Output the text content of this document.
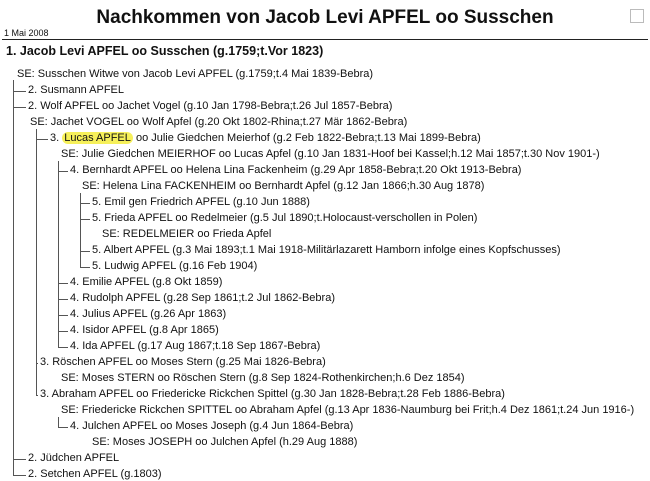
Nachkommen von Jacob Levi APFEL oo Susschen
1 Mai 2008
1. Jacob Levi APFEL oo Susschen (g.1759;t.Vor 1823)
SE: Susschen Witwe von Jacob Levi APFEL (g.1759;t.4 Mai 1839-Bebra)
2. Susmann APFEL
2. Wolf APFEL oo Jachet Vogel (g.10 Jan 1798-Bebra;t.26 Jul 1857-Bebra)
SE: Jachet VOGEL oo Wolf Apfel (g.20 Okt 1802-Rhina;t.27 Mär 1862-Bebra)
3. Lucas APFEL oo Julie Giedchen Meierhof (g.2 Feb 1822-Bebra;t.13 Mai 1899-Bebra)
SE: Julie Giedchen MEIERHOF oo Lucas Apfel (g.10 Jan 1831-Hoof bei Kassel;h.12 Mai 1857;t.30 Nov 1901-)
4. Bernhardt APFEL oo Helena Lina Fackenheim (g.29 Apr 1858-Bebra;t.20 Okt 1913-Bebra)
SE: Helena Lina FACKENHEIM oo Bernhardt Apfel (g.12 Jan 1866;h.30 Aug 1878)
5. Emil gen Friedrich APFEL (g.10 Jun 1888)
5. Frieda APFEL oo Redelmeier (g.5 Jul 1890;t.Holocaust-verschollen in Polen)
SE: REDELMEIER oo Frieda Apfel
5. Albert APFEL (g.3 Mai 1893;t.1 Mai 1918-Militärlazarett Hamborn infolge eines Kopfschusses)
5. Ludwig APFEL (g.16 Feb 1904)
4. Emilie APFEL (g.8 Okt 1859)
4. Rudolph APFEL (g.28 Sep 1861;t.2 Jul 1862-Bebra)
4. Julius APFEL (g.26 Apr 1863)
4. Isidor APFEL (g.8 Apr 1865)
4. Ida APFEL (g.17 Aug 1867;t.18 Sep 1867-Bebra)
3. Röschen APFEL oo Moses Stern (g.25 Mai 1826-Bebra)
SE: Moses STERN oo Röschen Stern (g.8 Sep 1824-Rothenkirchen;h.6 Dez 1854)
3. Abraham APFEL oo Friedericke Rickchen Spittel (g.30 Jan 1828-Bebra;t.28 Feb 1886-Bebra)
SE: Friedericke Rickchen SPITTEL oo Abraham Apfel (g.13 Apr 1836-Naumburg bei Frit;h.4 Dez 1861;t.24 Jun 1916-)
4. Julchen APFEL oo Moses Joseph (g.4 Jun 1864-Bebra)
SE: Moses JOSEPH oo Julchen Apfel (h.29 Aug 1888)
2. Jüdchen APFEL
2. Setchen APFEL (g.1803)
